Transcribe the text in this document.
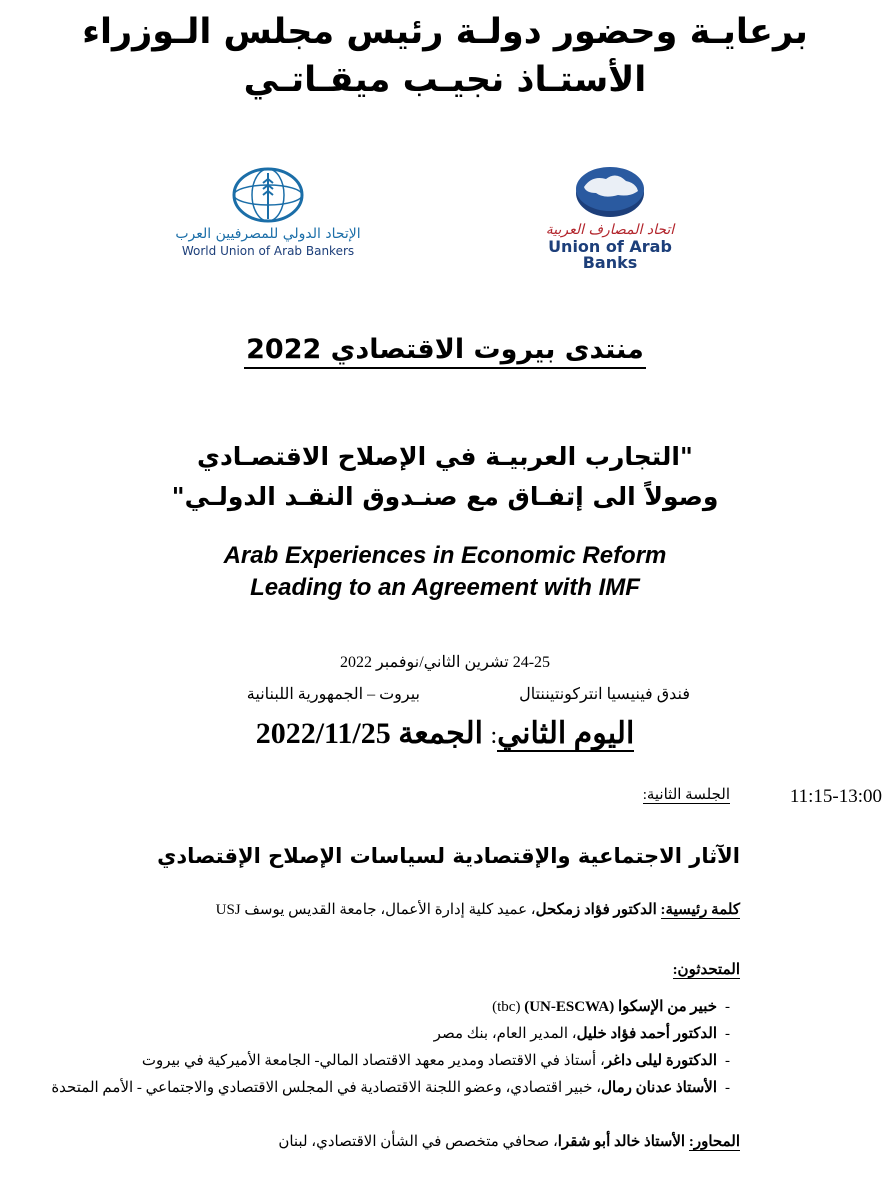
برعايـة وحضور دولـة رئيس مجلس الـوزراء
الأستـاذ نجيـب ميقـاتـي
الإتحاد الدولي للمصرفيين العرب
World Union of Arab Bankers
اتحاد المصارف العربية
Union of Arab Banks
منتدى بيروت الاقتصادي 2022
"التجارب العربيـة في الإصلاح الاقتصـادي
وصولاً الى إتفـاق مع صنـدوق النقـد الدولـي"
Arab Experiences in Economic Reform
Leading to an Agreement with IMF
24-25 تشرين الثاني/نوفمبر 2022
فندق فينيسيا انتركونتيننتال
بيروت – الجمهورية اللبنانية
اليوم الثاني: الجمعة 2022/11/25
الجلسة الثانية:	11:15-13:00
الآثار الاجتماعية والإقتصادية لسياسات الإصلاح الإقتصادي
كلمة رئيسية: الدكتور فؤاد زمكحل، عميد كلية إدارة الأعمال، جامعة القديس يوسف USJ
المتحدثون:
-خبير من الإسكوا (UN-ESCWA) (tbc)
-الدكتور أحمد فؤاد خليل، المدير العام، بنك مصر
-الدكتورة ليلى داغر، أستاذ في الاقتصاد ومدير معهد الاقتصاد المالي- الجامعة الأميركية في بيروت
-الأستاذ عدنان رمال، خبير اقتصادي، وعضو اللجنة الاقتصادية في المجلس الاقتصادي والاجتماعي - الأمم المتحدة
المحاور: الأستاذ خالد أبو شقرا، صحافي متخصص في الشأن الاقتصادي، لبنان
